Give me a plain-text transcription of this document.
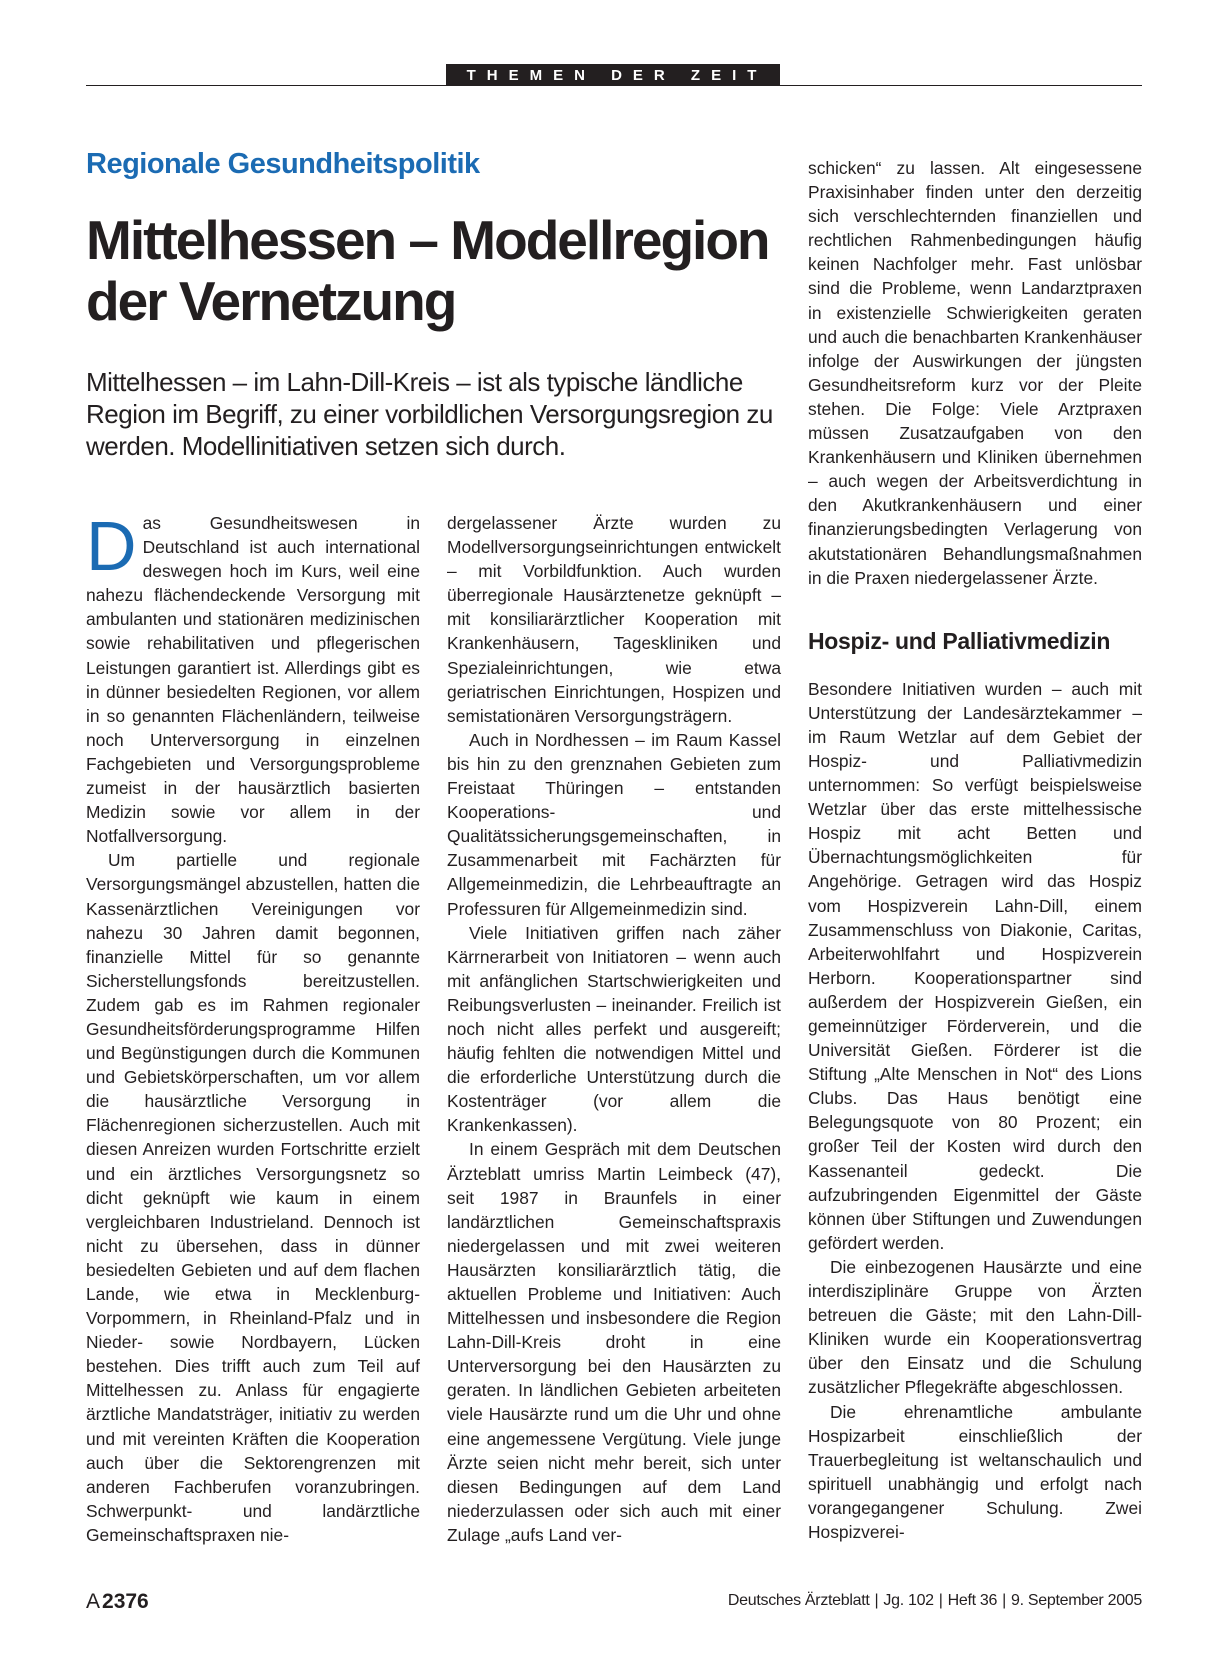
THEMEN DER ZEIT
Regionale Gesundheitspolitik
Mittelhessen – Modellregion der Vernetzung
Mittelhessen – im Lahn-Dill-Kreis – ist als typische ländliche Region im Begriff, zu einer vorbildlichen Versorgungsregion zu werden. Modellinitiativen setzen sich durch.

Das Gesundheitswesen in Deutschland ist auch international deswegen hoch im Kurs, weil eine nahezu flächendeckende Versorgung mit ambulanten und stationären medizinischen sowie rehabilitativen und pflegerischen Leistungen garantiert ist. Allerdings gibt es in dünner besiedelten Regionen, vor allem in so genannten Flächenländern, teilweise noch Unterversorgung in einzelnen Fachgebieten und Versorgungsprobleme zumeist in der hausärztlich basierten Medizin sowie vor allem in der Notfallversorgung.

Um partielle und regionale Versorgungsmängel abzustellen, hatten die Kassenärztlichen Vereinigungen vor nahezu 30 Jahren damit begonnen, finanzielle Mittel für so genannte Sicherstellungsfonds bereitzustellen. Zudem gab es im Rahmen regionaler Gesundheitsförderungsprogramme Hilfen und Begünstigungen durch die Kommunen und Gebietskörperschaften, um vor allem die hausärztliche Versorgung in Flächenregionen sicherzustellen. Auch mit diesen Anreizen wurden Fortschritte erzielt und ein ärztliches Versorgungsnetz so dicht geknüpft wie kaum in einem vergleichbaren Industrieland. Dennoch ist nicht zu übersehen, dass in dünner besiedelten Gebieten und auf dem flachen Lande, wie etwa in Mecklenburg-Vorpommern, in Rheinland-Pfalz und in Nieder- sowie Nordbayern, Lücken bestehen. Dies trifft auch zum Teil auf Mittelhessen zu. Anlass für engagierte ärztliche Mandatsträger, initiativ zu werden und mit vereinten Kräften die Kooperation auch über die Sektorengrenzen mit anderen Fachberufen voranzubringen. Schwerpunkt- und landärztliche Gemeinschaftspraxen nie-

dergelassener Ärzte wurden zu Modellversorgungseinrichtungen entwickelt – mit Vorbildfunktion. Auch wurden überregionale Hausärztenetze geknüpft – mit konsiliarärztlicher Kooperation mit Krankenhäusern, Tageskliniken und Spezialeinrichtungen, wie etwa geriatrischen Einrichtungen, Hospizen und semistationären Versorgungsträgern.

Auch in Nordhessen – im Raum Kassel bis hin zu den grenznahen Gebieten zum Freistaat Thüringen – entstanden Kooperations- und Qualitätssicherungsgemeinschaften, in Zusammenarbeit mit Fachärzten für Allgemeinmedizin, die Lehrbeauftragte an Professuren für Allgemeinmedizin sind.

Viele Initiativen griffen nach zäher Kärrnerarbeit von Initiatoren – wenn auch mit anfänglichen Startschwierigkeiten und Reibungsverlusten – ineinander. Freilich ist noch nicht alles perfekt und ausgereift; häufig fehlten die notwendigen Mittel und die erforderliche Unterstützung durch die Kostenträger (vor allem die Krankenkassen).

In einem Gespräch mit dem Deutschen Ärzteblatt umriss Martin Leimbeck (47), seit 1987 in Braunfels in einer landärztlichen Gemeinschaftspraxis niedergelassen und mit zwei weiteren Hausärzten konsiliarärztlich tätig, die aktuellen Probleme und Initiativen: Auch Mittelhessen und insbesondere die Region Lahn-Dill-Kreis droht in eine Unterversorgung bei den Hausärzten zu geraten. In ländlichen Gebieten arbeiteten viele Hausärzte rund um die Uhr und ohne eine angemessene Vergütung. Viele junge Ärzte seien nicht mehr bereit, sich unter diesen Bedingungen auf dem Land niederzulassen oder sich auch mit einer Zulage „aufs Land ver-

schicken“ zu lassen. Alt eingesessene Praxisinhaber finden unter den derzeitig sich verschlechternden finanziellen und rechtlichen Rahmenbedingungen häufig keinen Nachfolger mehr. Fast unlösbar sind die Probleme, wenn Landarztpraxen in existenzielle Schwierigkeiten geraten und auch die benachbarten Krankenhäuser infolge der Auswirkungen der jüngsten Gesundheitsreform kurz vor der Pleite stehen. Die Folge: Viele Arztpraxen müssen Zusatzaufgaben von den Krankenhäusern und Kliniken übernehmen – auch wegen der Arbeitsverdichtung in den Akutkrankenhäusern und einer finanzierungsbedingten Verlagerung von akutstationären Behandlungsmaßnahmen in die Praxen niedergelassener Ärzte.

Hospiz- und Palliativmedizin

Besondere Initiativen wurden – auch mit Unterstützung der Landesärztekammer – im Raum Wetzlar auf dem Gebiet der Hospiz- und Palliativmedizin unternommen: So verfügt beispielsweise Wetzlar über das erste mittelhessische Hospiz mit acht Betten und Übernachtungsmöglichkeiten für Angehörige. Getragen wird das Hospiz vom Hospizverein Lahn-Dill, einem Zusammenschluss von Diakonie, Caritas, Arbeiterwohlfahrt und Hospizverein Herborn. Kooperationspartner sind außerdem der Hospizverein Gießen, ein gemeinnütziger Förderverein, und die Universität Gießen. Förderer ist die Stiftung „Alte Menschen in Not“ des Lions Clubs. Das Haus benötigt eine Belegungsquote von 80 Prozent; ein großer Teil der Kosten wird durch den Kassenanteil gedeckt. Die aufzubringenden Eigenmittel der Gäste können über Stiftungen und Zuwendungen gefördert werden.

Die einbezogenen Hausärzte und eine interdisziplinäre Gruppe von Ärzten betreuen die Gäste; mit den Lahn-Dill-Kliniken wurde ein Kooperationsvertrag über den Einsatz und die Schulung zusätzlicher Pflegekräfte abgeschlossen.

Die ehrenamtliche ambulante Hospizarbeit einschließlich der Trauerbegleitung ist weltanschaulich und spirituell unabhängig und erfolgt nach vorangegangener Schulung. Zwei Hospizverei-

A2376	Deutsches Ärzteblatt | Jg. 102 | Heft 36 | 9. September 2005
